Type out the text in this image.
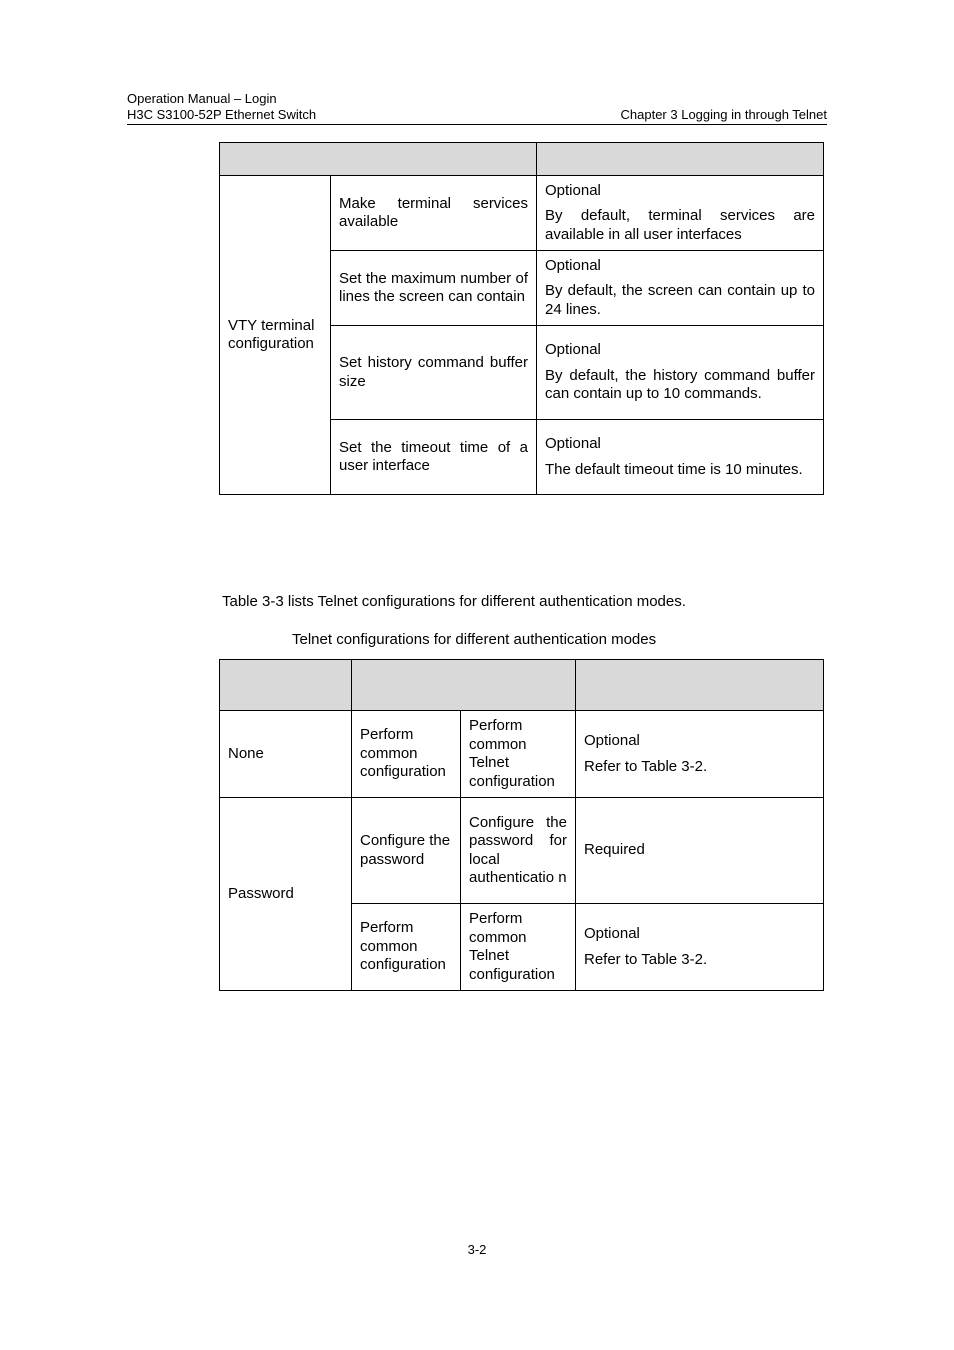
Operation Manual – Login
H3C S3100-52P Ethernet Switch	Chapter 3 Logging in through Telnet

VTY terminal configuration	Make terminal services available	Optional
By default, terminal services are available in all user interfaces

	Set the maximum number of lines the screen can contain	Optional
By default, the screen can contain up to 24 lines.

	Set history command buffer size	Optional
By default, the history command buffer can contain up to 10 commands.

	Set the timeout time of a user interface	Optional
The default timeout time is 10 minutes.
Table 3-3 lists Telnet configurations for different authentication modes.
Telnet configurations for different authentication modes

None	Perform common configuration	Perform common Telnet configuration	Optional
Refer to Table 3-2.

Password	Configure the password	Configure the password for local authenticatio n	Required

	Perform common configuration	Perform common Telnet configuration	Optional
Refer to Table 3-2.
3-2
